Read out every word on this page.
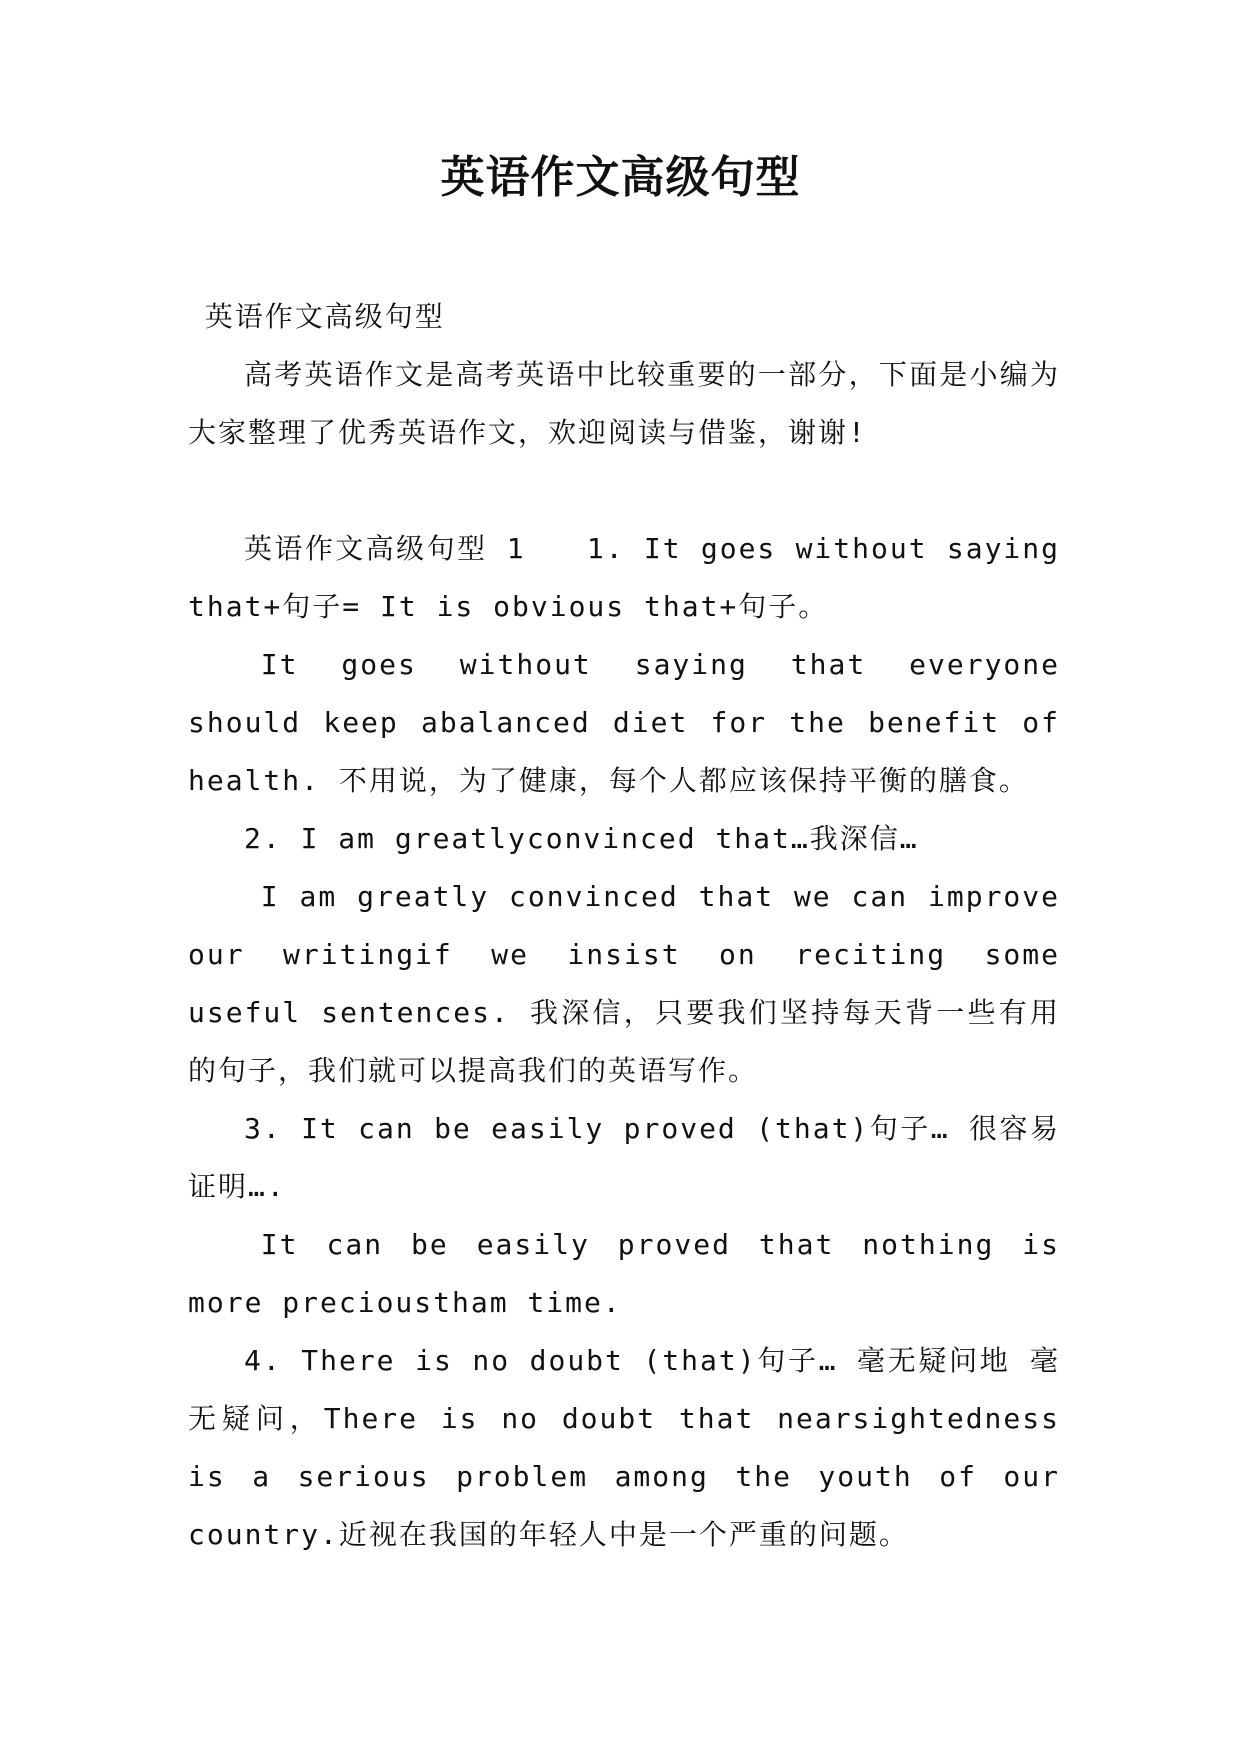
英语作文高级句型

英语作文高级句型

高考英语作文是高考英语中比较重要的一部分，下面是小编为大家整理了优秀英语作文，欢迎阅读与借鉴，谢谢!

英语作文高级句型 1　　1. It goes without saying that+句子= It is obvious that+句子。

It goes without saying that everyone should keep abalanced diet for the benefit of health. 不用说，为了健康，每个人都应该保持平衡的膳食。

2. I am greatlyconvinced that…我深信…

I am greatly convinced that we can improve our writingif we insist on reciting some useful sentences. 我深信，只要我们坚持每天背一些有用的句子，我们就可以提高我们的英语写作。

3. It can be easily proved (that)句子… 很容易证明….

It can be easily proved that nothing is more precioustham time.

4. There is no doubt (that)句子… 毫无疑问地 毫无疑问，There is no doubt that nearsightedness is a serious problem among the youth of our country.近视在我国的年轻人中是一个严重的问题。
